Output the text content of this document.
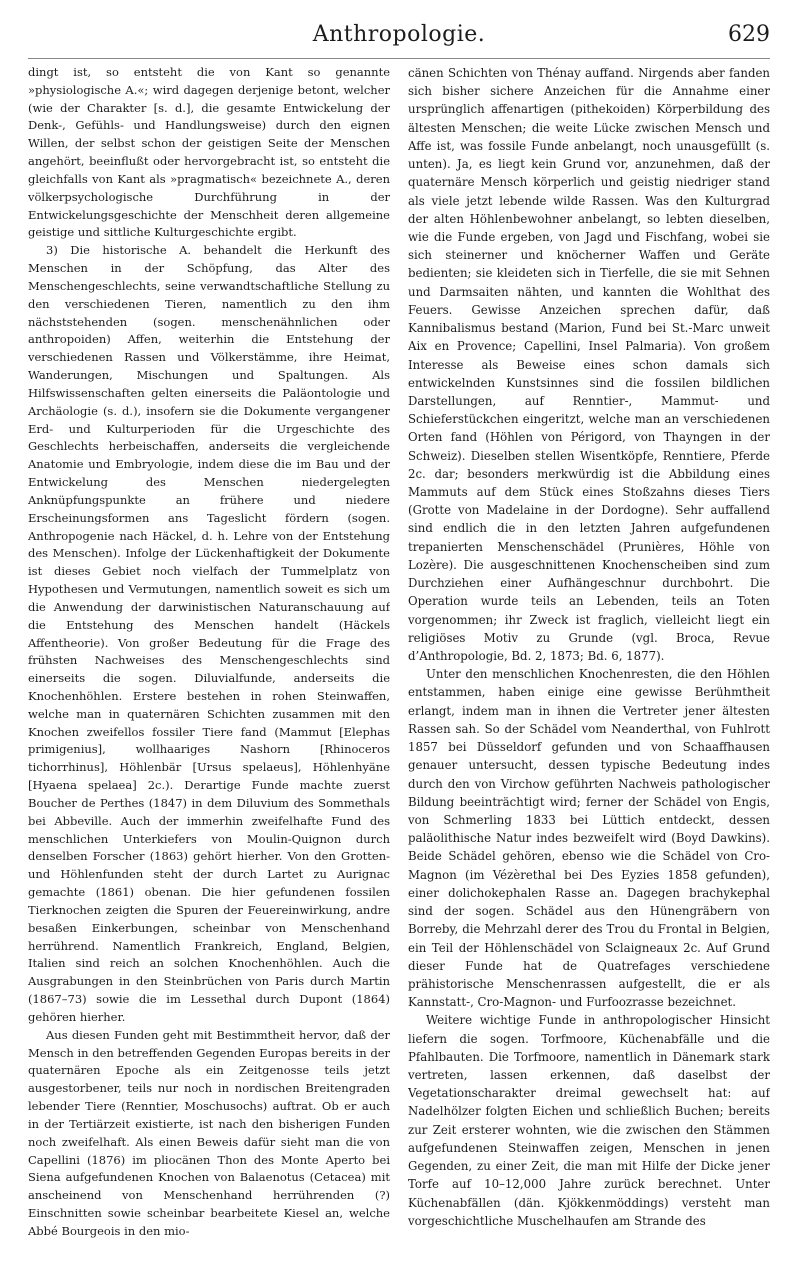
Anthropologie.	629

dingt ist, so entsteht die von Kant so genannte »physiologische A.«; wird dagegen derjenige betont, welcher (wie der Charakter [s. d.], die gesamte Entwickelung der Denk-, Gefühls- und Handlungsweise) durch den eignen Willen, der selbst schon der geistigen Seite der Menschen angehört, beeinflußt oder hervorgebracht ist, so entsteht die gleichfalls von Kant als »pragmatisch« bezeichnete A., deren völkerpsychologische Durchführung in der Entwickelungsgeschichte der Menschheit deren allgemeine geistige und sittliche Kulturgeschichte ergibt.

3) Die historische A. behandelt die Herkunft des Menschen in der Schöpfung, das Alter des Menschengeschlechts, seine verwandtschaftliche Stellung zu den verschiedenen Tieren, namentlich zu den ihm nächststehenden (sogen. menschenähnlichen oder anthropoiden) Affen, weiterhin die Entstehung der verschiedenen Rassen und Völkerstämme, ihre Heimat, Wanderungen, Mischungen und Spaltungen. Als Hilfswissenschaften gelten einerseits die Paläontologie und Archäologie (s. d.), insofern sie die Dokumente vergangener Erd- und Kulturperioden für die Urgeschichte des Geschlechts herbeischaffen, anderseits die vergleichende Anatomie und Embryologie, indem diese die im Bau und der Entwickelung des Menschen niedergelegten Anknüpfungspunkte an frühere und niedere Erscheinungsformen ans Tageslicht fördern (sogen. Anthropogenie nach Häckel, d. h. Lehre von der Entstehung des Menschen). Infolge der Lückenhaftigkeit der Dokumente ist dieses Gebiet noch vielfach der Tummelplatz von Hypothesen und Vermutungen, namentlich soweit es sich um die Anwendung der darwinistischen Naturanschauung auf die Entstehung des Menschen handelt (Häckels Affentheorie). Von großer Bedeutung für die Frage des frühsten Nachweises des Menschengeschlechts sind einerseits die sogen. Diluvialfunde, anderseits die Knochenhöhlen. Erstere bestehen in rohen Steinwaffen, welche man in quaternären Schichten zusammen mit den Knochen zweifellos fossiler Tiere fand (Mammut [Elephas primigenius], wollhaariges Nashorn [Rhinoceros tichorrhinus], Höhlenbär [Ursus spelaeus], Höhlenhyäne [Hyaena spelaea] 2c.). Derartige Funde machte zuerst Boucher de Perthes (1847) in dem Diluvium des Sommethals bei Abbeville. Auch der immerhin zweifelhafte Fund des menschlichen Unterkiefers von Moulin-Quignon durch denselben Forscher (1863) gehört hierher. Von den Grotten- und Höhlenfunden steht der durch Lartet zu Aurignac gemachte (1861) obenan. Die hier gefundenen fossilen Tierknochen zeigten die Spuren der Feuereinwirkung, andre besaßen Einkerbungen, scheinbar von Menschenhand herrührend. Namentlich Frankreich, England, Belgien, Italien sind reich an solchen Knochenhöhlen. Auch die Ausgrabungen in den Steinbrüchen von Paris durch Martin (1867–73) sowie die im Lessethal durch Dupont (1864) gehören hierher.

Aus diesen Funden geht mit Bestimmtheit hervor, daß der Mensch in den betreffenden Gegenden Europas bereits in der quaternären Epoche als ein Zeitgenosse teils jetzt ausgestorbener, teils nur noch in nordischen Breitengraden lebender Tiere (Renntier, Moschusochs) auftrat. Ob er auch in der Tertiärzeit existierte, ist nach den bisherigen Funden noch zweifelhaft. Als einen Beweis dafür sieht man die von Capellini (1876) im pliocänen Thon des Monte Aperto bei Siena aufgefundenen Knochen von Balaenotus (Cetacea) mit anscheinend von Menschenhand herrührenden (?) Einschnitten sowie scheinbar bearbeitete Kiesel an, welche Abbé Bourgeois in den mio-

cänen Schichten von Thénay auffand. Nirgends aber fanden sich bisher sichere Anzeichen für die Annahme einer ursprünglich affenartigen (pithekoiden) Körperbildung des ältesten Menschen; die weite Lücke zwischen Mensch und Affe ist, was fossile Funde anbelangt, noch unausgefüllt (s. unten). Ja, es liegt kein Grund vor, anzunehmen, daß der quaternäre Mensch körperlich und geistig niedriger stand als viele jetzt lebende wilde Rassen. Was den Kulturgrad der alten Höhlenbewohner anbelangt, so lebten dieselben, wie die Funde ergeben, von Jagd und Fischfang, wobei sie sich steinerner und knöcherner Waffen und Geräte bedienten; sie kleideten sich in Tierfelle, die sie mit Sehnen und Darmsaiten nähten, und kannten die Wohlthat des Feuers. Gewisse Anzeichen sprechen dafür, daß Kannibalismus bestand (Marion, Fund bei St.-Marc unweit Aix en Provence; Capellini, Insel Palmaria). Von großem Interesse als Beweise eines schon damals sich entwickelnden Kunstsinnes sind die fossilen bildlichen Darstellungen, auf Renntier-, Mammut- und Schieferstückchen eingeritzt, welche man an verschiedenen Orten fand (Höhlen von Périgord, von Thayngen in der Schweiz). Dieselben stellen Wisentköpfe, Renntiere, Pferde 2c. dar; besonders merkwürdig ist die Abbildung eines Mammuts auf dem Stück eines Stoßzahns dieses Tiers (Grotte von Madelaine in der Dordogne). Sehr auffallend sind endlich die in den letzten Jahren aufgefundenen trepanierten Menschenschädel (Prunières, Höhle von Lozère). Die ausgeschnittenen Knochenscheiben sind zum Durchziehen einer Aufhängeschnur durchbohrt. Die Operation wurde teils an Lebenden, teils an Toten vorgenommen; ihr Zweck ist fraglich, vielleicht liegt ein religiöses Motiv zu Grunde (vgl. Broca, Revue d’Anthropologie, Bd. 2, 1873; Bd. 6, 1877).

Unter den menschlichen Knochenresten, die den Höhlen entstammen, haben einige eine gewisse Berühmtheit erlangt, indem man in ihnen die Vertreter jener ältesten Rassen sah. So der Schädel vom Neanderthal, von Fuhlrott 1857 bei Düsseldorf gefunden und von Schaaffhausen genauer untersucht, dessen typische Bedeutung indes durch den von Virchow geführten Nachweis pathologischer Bildung beeinträchtigt wird; ferner der Schädel von Engis, von Schmerling 1833 bei Lüttich entdeckt, dessen paläolithische Natur indes bezweifelt wird (Boyd Dawkins). Beide Schädel gehören, ebenso wie die Schädel von Cro-Magnon (im Vézèrethal bei Des Eyzies 1858 gefunden), einer dolichokephalen Rasse an. Dagegen brachykephal sind der sogen. Schädel aus den Hünengräbern von Borreby, die Mehrzahl derer des Trou du Frontal in Belgien, ein Teil der Höhlenschädel von Sclaigneaux 2c. Auf Grund dieser Funde hat de Quatrefages verschiedene prähistorische Menschenrassen aufgestellt, die er als Kannstatt-, Cro-Magnon- und Furfoozrasse bezeichnet.

Weitere wichtige Funde in anthropologischer Hinsicht liefern die sogen. Torfmoore, Küchenabfälle und die Pfahlbauten. Die Torfmoore, namentlich in Dänemark stark vertreten, lassen erkennen, daß daselbst der Vegetationscharakter dreimal gewechselt hat: auf Nadelhölzer folgten Eichen und schließlich Buchen; bereits zur Zeit ersterer wohnten, wie die zwischen den Stämmen aufgefundenen Steinwaffen zeigen, Menschen in jenen Gegenden, zu einer Zeit, die man mit Hilfe der Dicke jener Torfe auf 10–12,000 Jahre zurück berechnet. Unter Küchenabfällen (dän. Kjökkenmöddings) versteht man vorgeschichtliche Muschelhaufen am Strande des
